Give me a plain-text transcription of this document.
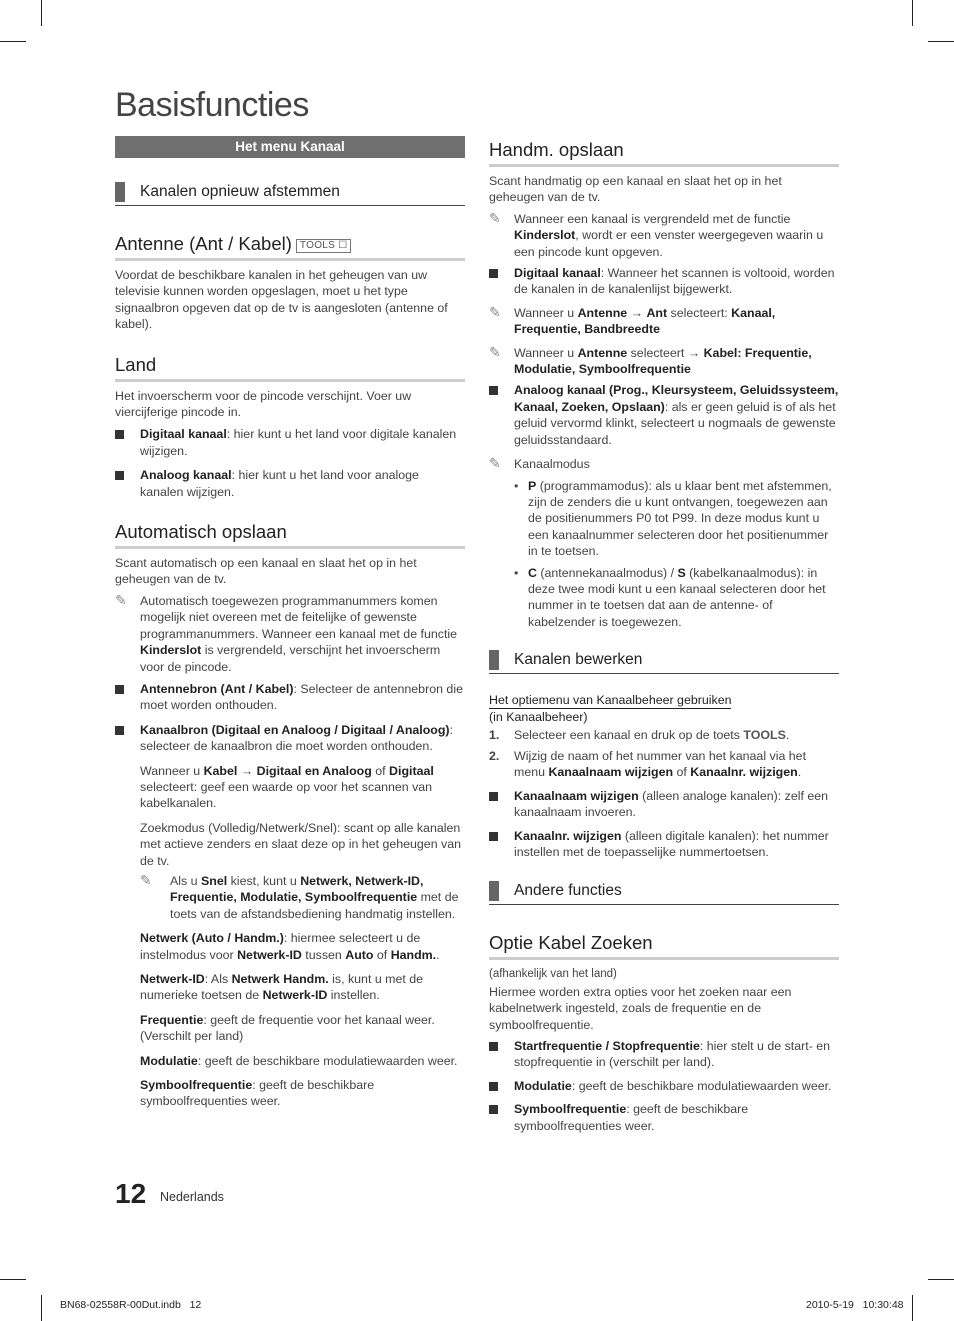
Basisfuncties
Het menu Kanaal
Kanalen opnieuw afstemmen
Antenne (Ant / Kabel) TOOLS ☐

Voordat de beschikbare kanalen in het geheugen van uw televisie kunnen worden opgeslagen, moet u het type signaalbron opgeven dat op de tv is aangesloten (antenne of kabel).

Land

Het invoerscherm voor de pincode verschijnt. Voer uw viercijferige pincode in.

Digitaal kanaal: hier kunt u het land voor digitale kanalen wijzigen.
Analoog kanaal: hier kunt u het land voor analoge kanalen wijzigen.
Automatisch opslaan

Scant automatisch op een kanaal en slaat het op in het geheugen van de tv.

✎ Automatisch toegewezen programmanummers komen mogelijk niet overeen met de feitelijke of gewenste programmanummers. Wanneer een kanaal met de functie Kinderslot is vergrendeld, verschijnt het invoerscherm voor de pincode.
Antennebron (Ant / Kabel): Selecteer de antennebron die moet worden onthouden.
Kanaalbron (Digitaal en Analoog / Digitaal / Analoog): selecteer de kanaalbron die moet worden onthouden.

Wanneer u Kabel → Digitaal en Analoog of Digitaal selecteert: geef een waarde op voor het scannen van kabelkanalen.

Zoekmodus (Volledig/Netwerk/Snel): scant op alle kanalen met actieve zenders en slaat deze op in het geheugen van de tv.

✎ Als u Snel kiest, kunt u Netwerk, Netwerk-ID, Frequentie, Modulatie, Symboolfrequentie met de toets van de afstandsbediening handmatig instellen.

Netwerk (Auto / Handm.): hiermee selecteert u de instelmodus voor Netwerk-ID tussen Auto of Handm..

Netwerk-ID: Als Netwerk Handm. is, kunt u met de numerieke toetsen de Netwerk-ID instellen.

Frequentie: geeft de frequentie voor het kanaal weer. (Verschilt per land)

Modulatie: geeft de beschikbare modulatiewaarden weer.

Symboolfrequentie: geeft de beschikbare symboolfrequenties weer.

Handm. opslaan

Scant handmatig op een kanaal en slaat het op in het geheugen van de tv.

✎ Wanneer een kanaal is vergrendeld met de functie Kinderslot, wordt er een venster weergegeven waarin u een pincode kunt opgeven.
Digitaal kanaal: Wanneer het scannen is voltooid, worden de kanalen in de kanalenlijst bijgewerkt.
✎ Wanneer u Antenne → Ant selecteert: Kanaal, Frequentie, Bandbreedte
✎ Wanneer u Antenne selecteert → Kabel: Frequentie, Modulatie, Symboolfrequentie
Analoog kanaal (Prog., Kleursysteem, Geluidssysteem, Kanaal, Zoeken, Opslaan): als er geen geluid is of als het geluid vervormd klinkt, selecteert u nogmaals de gewenste geluidsstandaard.
✎ Kanaalmodus
• P (programmamodus): als u klaar bent met afstemmen, zijn de zenders die u kunt ontvangen, toegewezen aan de positienummers P0 tot P99. In deze modus kunt u een kanaalnummer selecteren door het positienummer in te toetsen.
• C (antennekanaalmodus) / S (kabelkanaalmodus): in deze twee modi kunt u een kanaal selecteren door het nummer in te toetsen dat aan de antenne- of kabelzender is toegewezen.
Kanalen bewerken

Het optiemenu van Kanaalbeheer gebruiken

(in Kanaalbeheer)

1. Selecteer een kanaal en druk op de toets TOOLS.
2. Wijzig de naam of het nummer van het kanaal via het menu Kanaalnaam wijzigen of Kanaalnr. wijzigen.
Kanaalnaam wijzigen (alleen analoge kanalen): zelf een kanaalnaam invoeren.
Kanaalnr. wijzigen (alleen digitale kanalen): het nummer instellen met de toepasselijke nummertoetsen.
Andere functies
Optie Kabel Zoeken

(afhankelijk van het land)

Hiermee worden extra opties voor het zoeken naar een kabelnetwerk ingesteld, zoals de frequentie en de symboolfrequentie.

Startfrequentie / Stopfrequentie: hier stelt u de start- en stopfrequentie in (verschilt per land).
Modulatie: geeft de beschikbare modulatiewaarden weer.
Symboolfrequentie: geeft de beschikbare symboolfrequenties weer.
12 Nederlands
BN68-02558R-00Dut.indb   12	2010-5-19   10:30:48
